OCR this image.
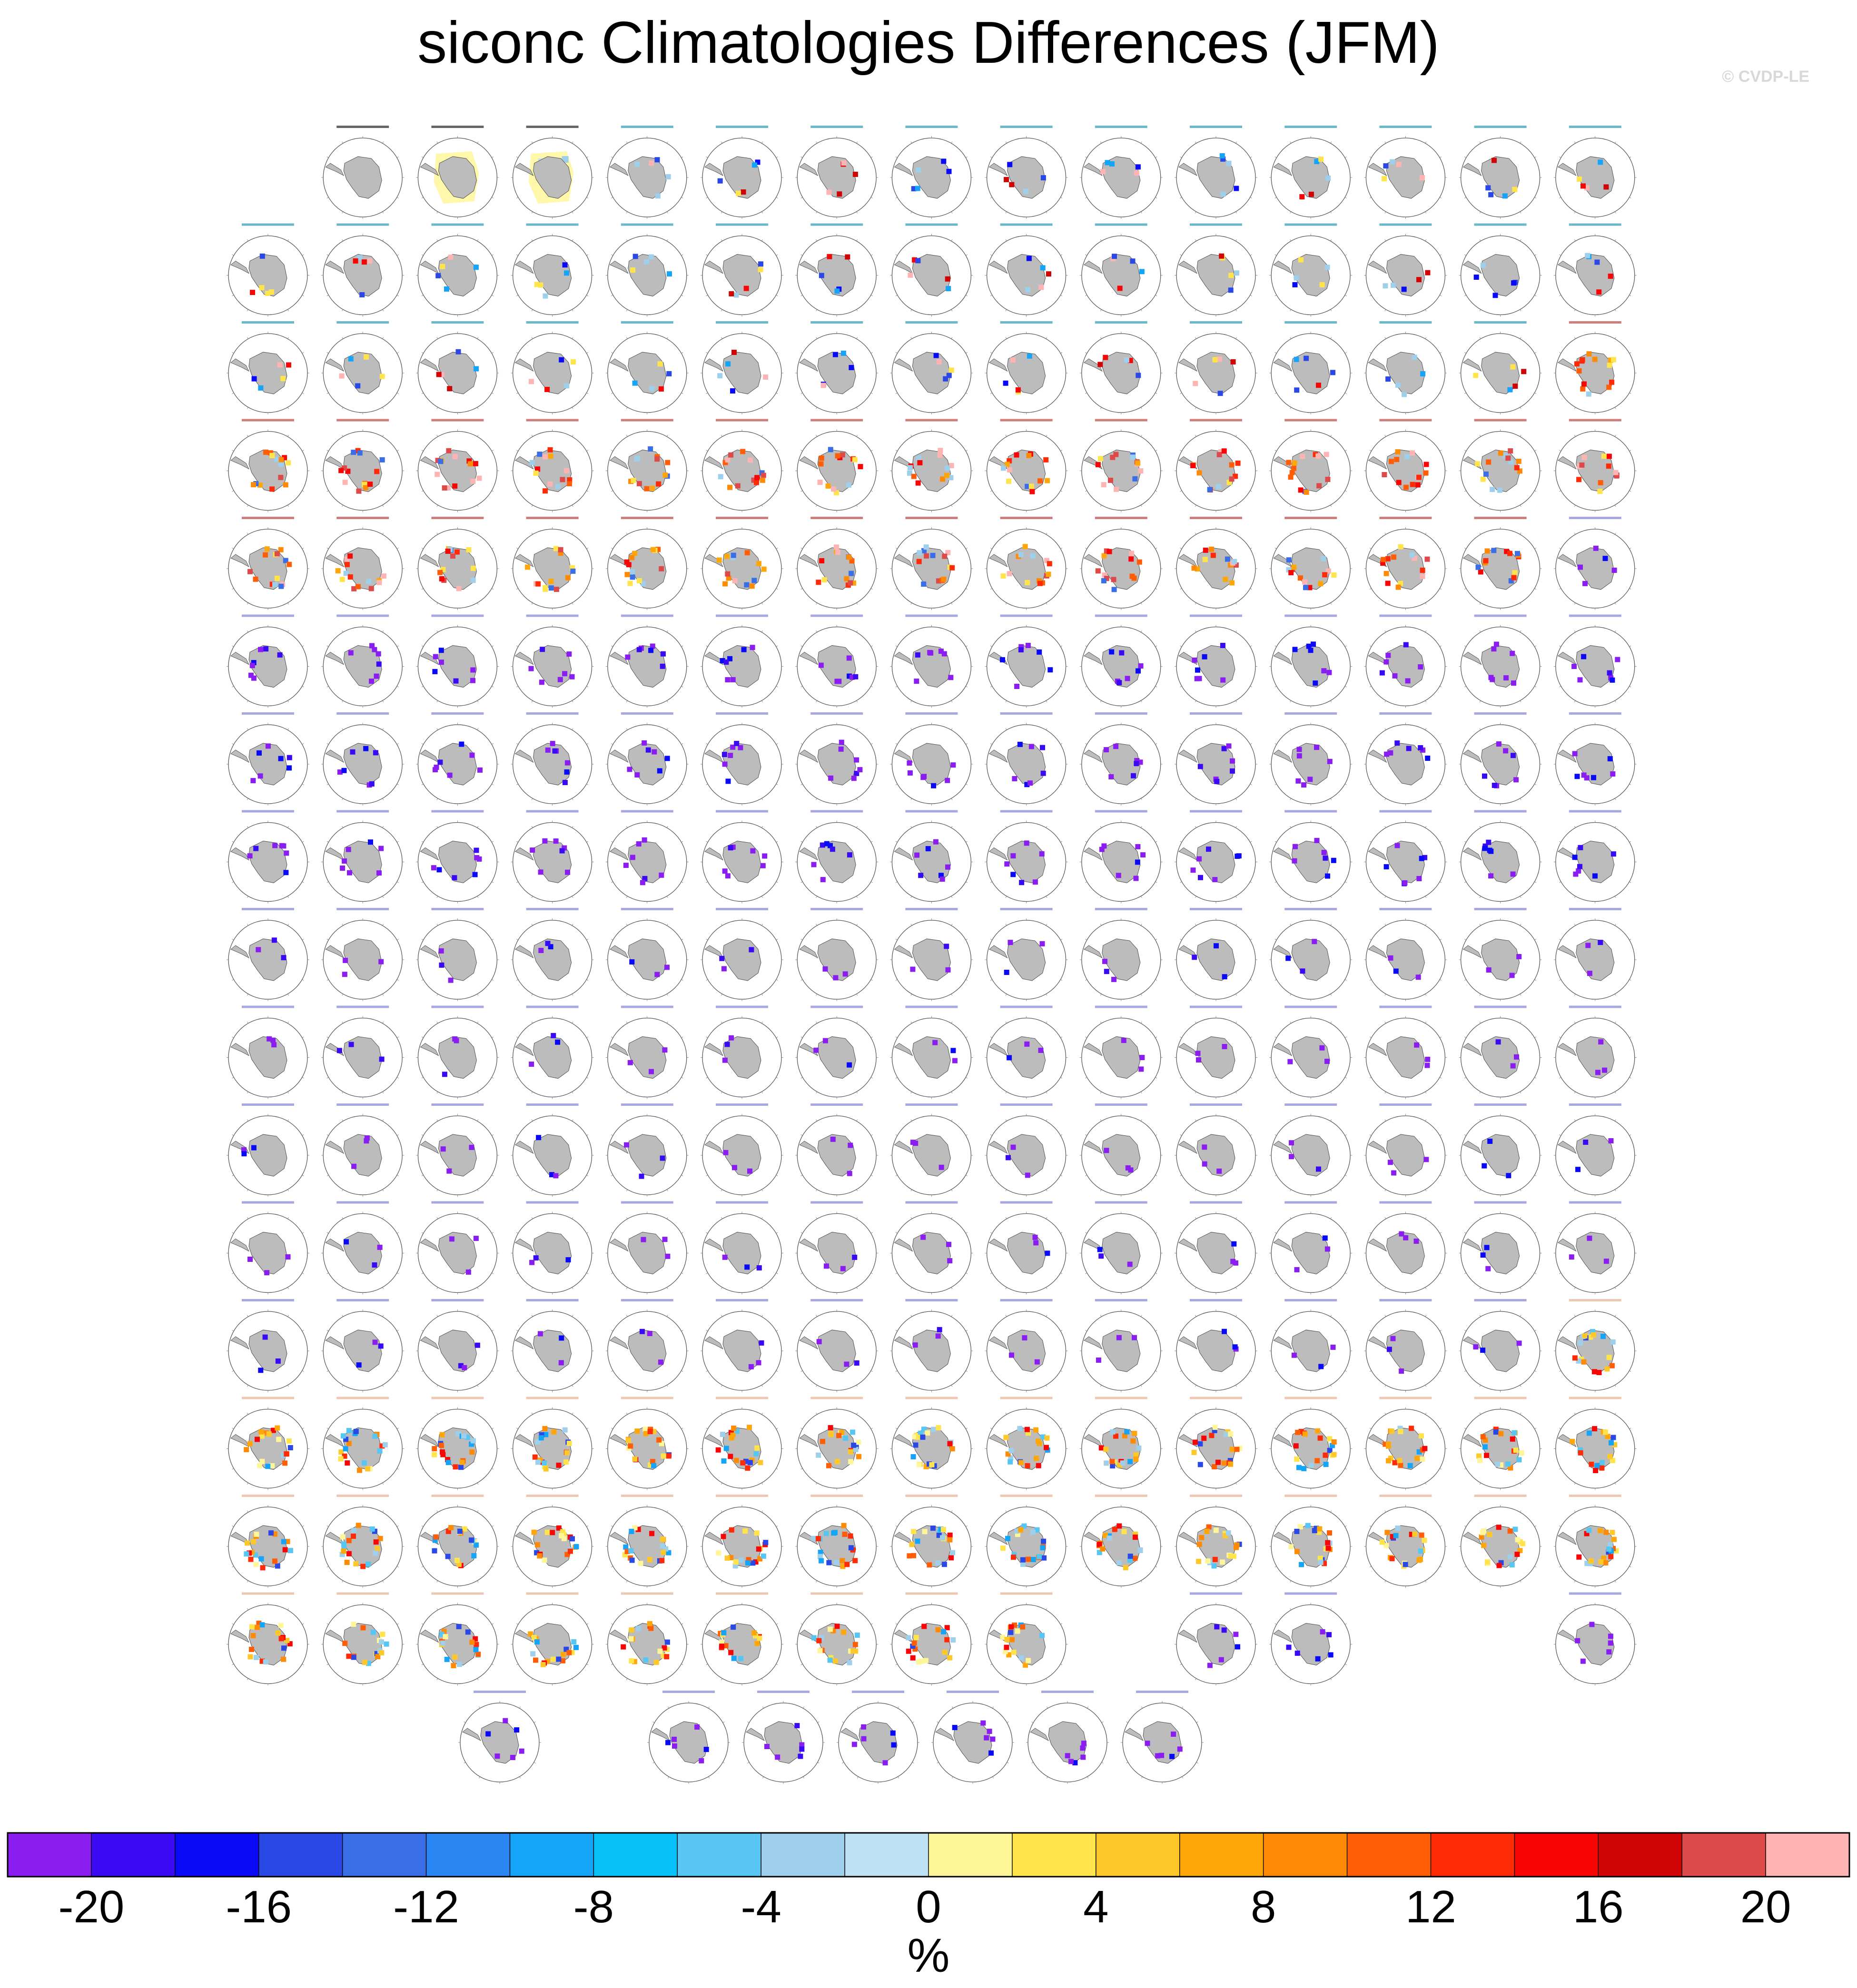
siconc Climatologies Differences (JFM)
© CVDP-LE
-20 -16 -12 -8	-4	0	4	8	12	16	20
%
